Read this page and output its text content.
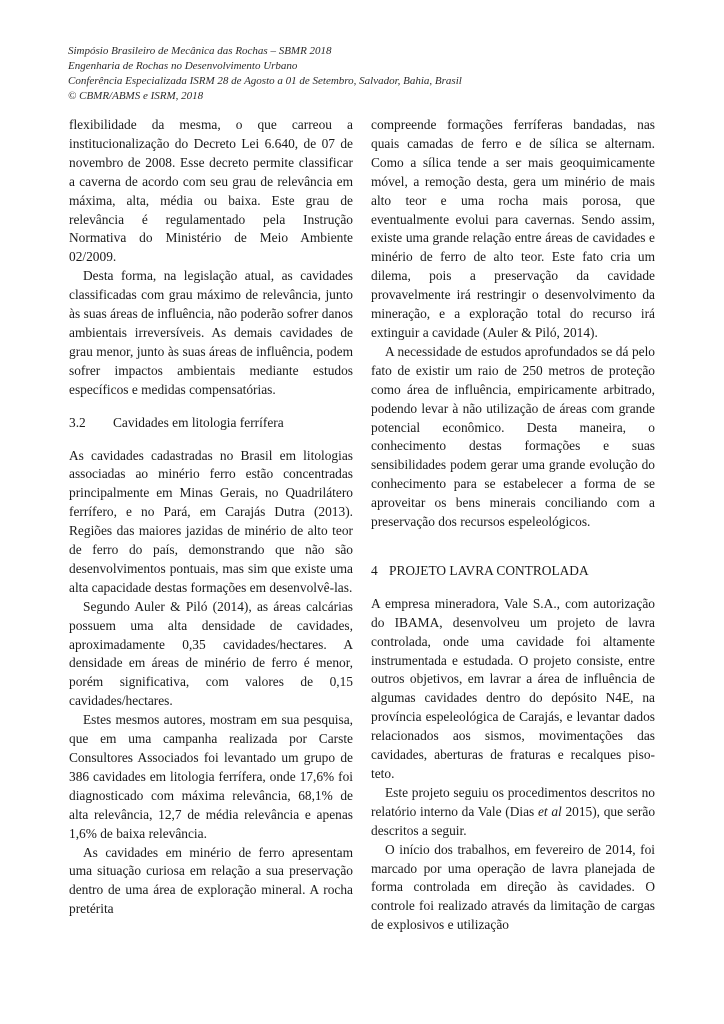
Simpósio Brasileiro de Mecânica das Rochas – SBMR 2018
Engenharia de Rochas no Desenvolvimento Urbano
Conferência Especializada ISRM 28 de Agosto a 01 de Setembro, Salvador, Bahia, Brasil
© CBMR/ABMS e ISRM, 2018

flexibilidade da mesma, o que carreou a institucionalização do Decreto Lei 6.640, de 07 de novembro de 2008. Esse decreto permite classificar a caverna de acordo com seu grau de relevância em máxima, alta, média ou baixa. Este grau de relevância é regulamentado pela Instrução Normativa do Ministério de Meio Ambiente 02/2009.

Desta forma, na legislação atual, as cavidades classificadas com grau máximo de relevância, junto às suas áreas de influência, não poderão sofrer danos ambientais irreversíveis. As demais cavidades de grau menor, junto às suas áreas de influência, podem sofrer impactos ambientais mediante estudos específicos e medidas compensatórias.

3.2 Cavidades em litologia ferrífera

As cavidades cadastradas no Brasil em litologias associadas ao minério ferro estão concentradas principalmente em Minas Gerais, no Quadrilátero ferrífero, e no Pará, em Carajás Dutra (2013). Regiões das maiores jazidas de minério de alto teor de ferro do país, demonstrando que não são desenvolvimentos pontuais, mas sim que existe uma alta capacidade destas formações em desenvolvê-las.

Segundo Auler & Piló (2014), as áreas calcárias possuem uma alta densidade de cavidades, aproximadamente 0,35 cavidades/hectares. A densidade em áreas de minério de ferro é menor, porém significativa, com valores de 0,15 cavidades/hectares.

Estes mesmos autores, mostram em sua pesquisa, que em uma campanha realizada por Carste Consultores Associados foi levantado um grupo de 386 cavidades em litologia ferrífera, onde 17,6% foi diagnosticado com máxima relevância, 68,1% de alta relevância, 12,7 de média relevância e apenas 1,6% de baixa relevância.

As cavidades em minério de ferro apresentam uma situação curiosa em relação a sua preservação dentro de uma área de exploração mineral. A rocha pretérita

compreende formações ferríferas bandadas, nas quais camadas de ferro e de sílica se alternam. Como a sílica tende a ser mais geoquimicamente móvel, a remoção desta, gera um minério de mais alto teor e uma rocha mais porosa, que eventualmente evolui para cavernas. Sendo assim, existe uma grande relação entre áreas de cavidades e minério de ferro de alto teor. Este fato cria um dilema, pois a preservação da cavidade provavelmente irá restringir o desenvolvimento da mineração, e a exploração total do recurso irá extinguir a cavidade (Auler & Piló, 2014).

A necessidade de estudos aprofundados se dá pelo fato de existir um raio de 250 metros de proteção como área de influência, empiricamente arbitrado, podendo levar à não utilização de áreas com grande potencial econômico. Desta maneira, o conhecimento destas formações e suas sensibilidades podem gerar uma grande evolução do conhecimento para se estabelecer a forma de se aproveitar os bens minerais conciliando com a preservação dos recursos espeleológicos.

4 PROJETO LAVRA CONTROLADA

A empresa mineradora, Vale S.A., com autorização do IBAMA, desenvolveu um projeto de lavra controlada, onde uma cavidade foi altamente instrumentada e estudada. O projeto consiste, entre outros objetivos, em lavrar a área de influência de algumas cavidades dentro do depósito N4E, na província espeleológica de Carajás, e levantar dados relacionados aos sismos, movimentações das cavidades, aberturas de fraturas e recalques piso-teto.

Este projeto seguiu os procedimentos descritos no relatório interno da Vale (Dias et al 2015), que serão descritos a seguir.

O início dos trabalhos, em fevereiro de 2014, foi marcado por uma operação de lavra planejada de forma controlada em direção às cavidades. O controle foi realizado através da limitação de cargas de explosivos e utilização
